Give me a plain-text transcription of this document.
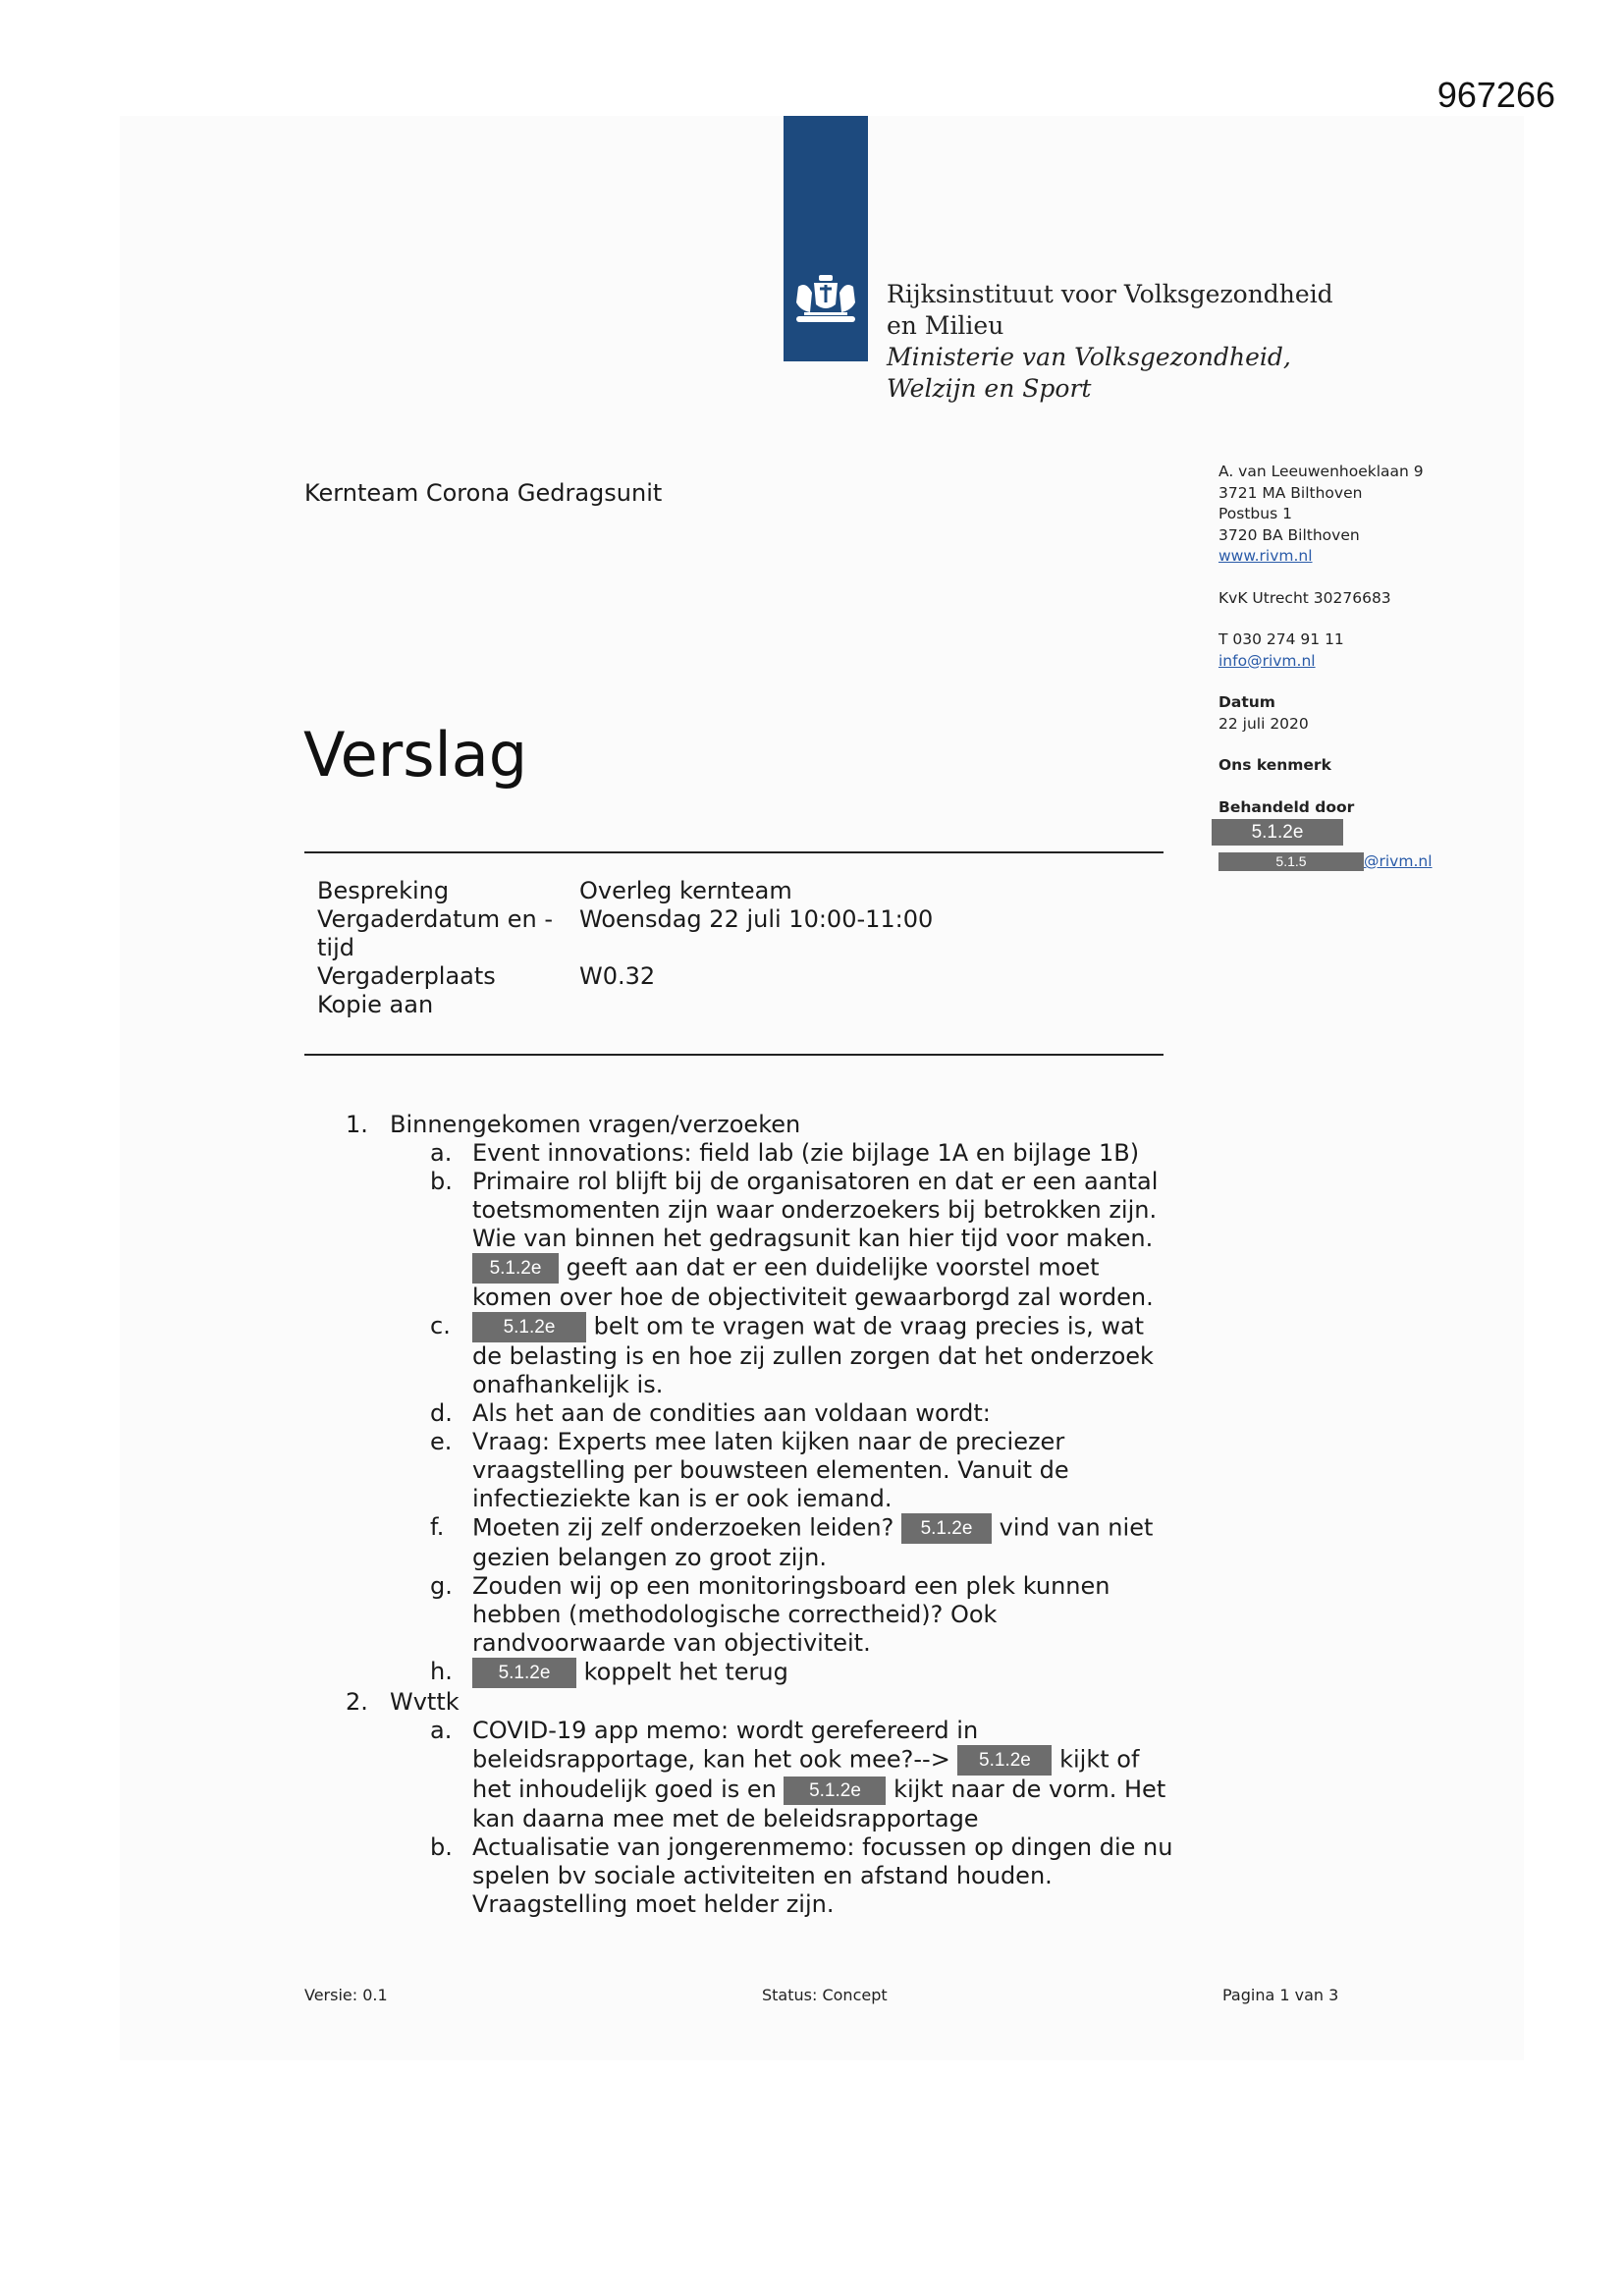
967266
Rijksinstituut voor Volksgezondheid
en Milieu
Ministerie van Volksgezondheid,
Welzijn en Sport
Kernteam Corona Gedragsunit
A. van Leeuwenhoeklaan 9
3721 MA Bilthoven
Postbus 1
3720 BA Bilthoven
www.rivm.nl
KvK Utrecht 30276683
T 030 274 91 11
info@rivm.nl
Datum
22 juli 2020
Ons kenmerk
Behandeld door
5.1.2e
5.1.5	@rivm.nl
Verslag
Bespreking	Overleg kernteam
Vergaderdatum en -	Woensdag 22 juli 10:00-11:00
tijd
Vergaderplaats	W0.32
Kopie aan
1. Binnengekomen vragen/verzoeken
a. Event innovations: field lab (zie bijlage 1A en bijlage 1B)
b. Primaire rol blijft bij de organisatoren en dat er een aantal toetsmomenten zijn waar onderzoekers bij betrokken zijn. Wie van binnen het gedragsunit kan hier tijd voor maken.
5.1.2e geeft aan dat er een duidelijke voorstel moet komen over hoe de objectiviteit gewaarborgd zal worden.
c.	5.1.2e belt om te vragen wat de vraag precies is, wat de belasting is en hoe zij zullen zorgen dat het onderzoek onafhankelijk is.
d. Als het aan de condities aan voldaan wordt:
e. Vraag: Experts mee laten kijken naar de preciezer vraagstelling per bouwsteen elementen. Vanuit de infectieziekte kan is er ook iemand.
f.	Moeten zij zelf onderzoeken leiden? 5.1.2e vind van niet gezien belangen zo groot zijn.
g. Zouden wij op een monitoringsboard een plek kunnen hebben (methodologische correctheid)? Ook randvoorwaarde van objectiviteit.
h.	5.1.2e koppelt het terug
2. Wvttk
a. COVID-19 app memo: wordt gerefereerd in beleidsrapportage, kan het ook mee?--> 5.1.2e kijkt of het inhoudelijk goed is en 5.1.2e kijkt naar de vorm. Het kan daarna mee met de beleidsrapportage
b. Actualisatie van jongerenmemo: focussen op dingen die nu spelen bv sociale activiteiten en afstand houden. Vraagstelling moet helder zijn.
Versie: 0.1	Status: Concept	Pagina 1 van 3
